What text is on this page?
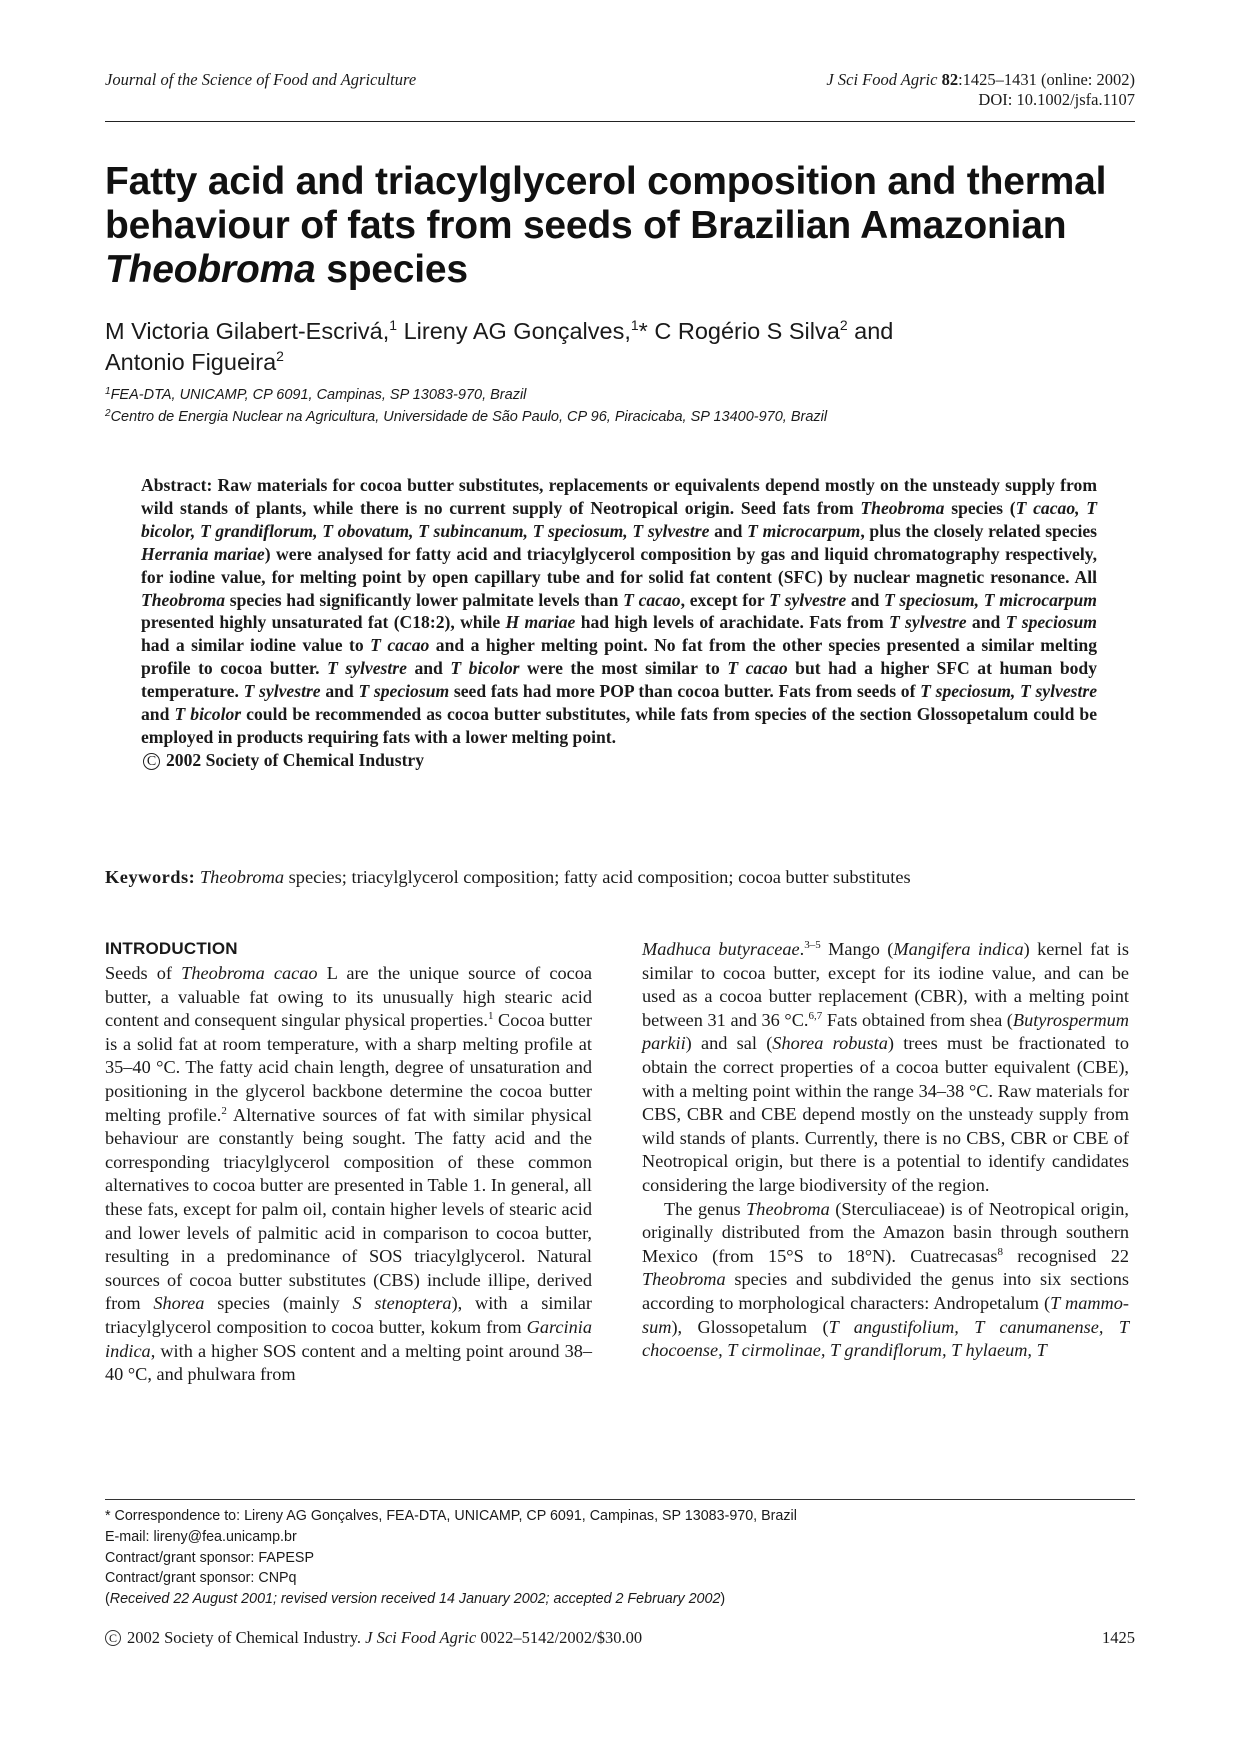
Journal of the Science of Food and Agriculture	J Sci Food Agric 82:1425–1431 (online: 2002)
DOI: 10.1002/jsfa.1107
Fatty acid and triacylglycerol composition and thermal behaviour of fats from seeds of Brazilian Amazonian Theobroma species
M Victoria Gilabert-Escrivá,$^1$ Lireny AG Gonçalves,$^1$* C Rogério S Silva$^2$ and
Antonio Figueira$^2$
$^1$FEA-DTA, UNICAMP, CP 6091, Campinas, SP 13083-970, Brazil
$^2$Centro de Energia Nuclear na Agricultura, Universidade de São Paulo, CP 96, Piracicaba, SP 13400-970, Brazil

Abstract: Raw materials for cocoa butter substitutes, replacements or equivalents depend mostly on the unsteady supply from wild stands of plants, while there is no current supply of Neotropical origin. Seed fats from Theobroma species (T cacao, T bicolor, T grandiflorum, T obovatum, T subincanum, T speciosum, T sylvestre and T microcarpum, plus the closely related species Herrania mariae) were analysed for fatty acid and triacylglycerol composition by gas and liquid chromatography respectively, for iodine value, for melting point by open capillary tube and for solid fat content (SFC) by nuclear magnetic resonance. All Theobroma species had significantly lower palmitate levels than T cacao, except for T sylvestre and T speciosum, T microcarpum presented highly unsaturated fat (C18:2), while H mariae had high levels of arachidate. Fats from T sylvestre and T speciosum had a similar iodine value to T cacao and a higher melting point. No fat from the other species presented a similar melting profile to cocoa butter. T sylvestre and T bicolor were the most similar to T cacao but had a higher SFC at human body temperature. T sylvestre and T speciosum seed fats had more POP than cocoa butter. Fats from seeds of T speciosum, T sylvestre and T bicolor could be recommended as cocoa butter substitutes, while fats from species of the section Glossopetalum could be employed in products requiring fats with a lower melting point.

C 2002 Society of Chemical Industry

Keywords: Theobroma species; triacylglycerol composition; fatty acid composition; cocoa butter substitutes
INTRODUCTION

Seeds of Theobroma cacao L are the unique source of cocoa butter, a valuable fat owing to its unusually high stearic acid content and consequent singular physical properties.$^1$ Cocoa butter is a solid fat at room temperature, with a sharp melting profile at 35–40 °C. The fatty acid chain length, degree of unsaturation and positioning in the glycerol backbone determine the cocoa butter melting profile.$^2$ Alternative sources of fat with similar physical behaviour are constantly being sought. The fatty acid and the corresponding triacylglycerol composition of these common alternatives to cocoa butter are presented in Table 1. In general, all these fats, except for palm oil, contain higher levels of stearic acid and lower levels of palmitic acid in comparison to cocoa butter, resulting in a predominance of SOS triacylglycerol. Natural sources of cocoa butter substitutes (CBS) include illipe, derived from Shorea species (mainly S stenoptera), with a similar triacylglycerol composition to cocoa butter, kokum from Garcinia indica, with a higher SOS content and a melting point around 38–40 °C, and phulwara from

Madhuca butyraceae.$^{3-5}$ Mango (Mangifera indica) kernel fat is similar to cocoa butter, except for its iodine value, and can be used as a cocoa butter replacement (CBR), with a melting point between 31 and 36 °C.$^{6,7}$ Fats obtained from shea (Butyrospermum parkii) and sal (Shorea robusta) trees must be fractionated to obtain the correct properties of a cocoa butter equivalent (CBE), with a melting point within the range 34–38 °C. Raw materials for CBS, CBR and CBE depend mostly on the unsteady supply from wild stands of plants. Currently, there is no CBS, CBR or CBE of Neotropical origin, but there is a potential to identify candidates considering the large biodiversity of the region.

The genus Theobroma (Sterculiaceae) is of Neotropical origin, originally distributed from the Amazon basin through southern Mexico (from 15°S to 18°N). Cuatrecasas$^8$ recognised 22 Theobroma species and subdivided the genus into six sections according to morphological characters: Andropetalum (T mammosum), Glossopetalum (T angustifolium, T canumanense, T chocoense, T cirmolinae, T grandiflorum, T hylaeum, T

* Correspondence to: Lireny AG Gonçalves, FEA-DTA, UNICAMP, CP 6091, Campinas, SP 13083-970, Brazil
E-mail: lireny@fea.unicamp.br
Contract/grant sponsor: FAPESP
Contract/grant sponsor: CNPq
(Received 22 August 2001; revised version received 14 January 2002; accepted 2 February 2002)
C 2002 Society of Chemical Industry. J Sci Food Agric 0022–5142/2002/$30.00	1425
